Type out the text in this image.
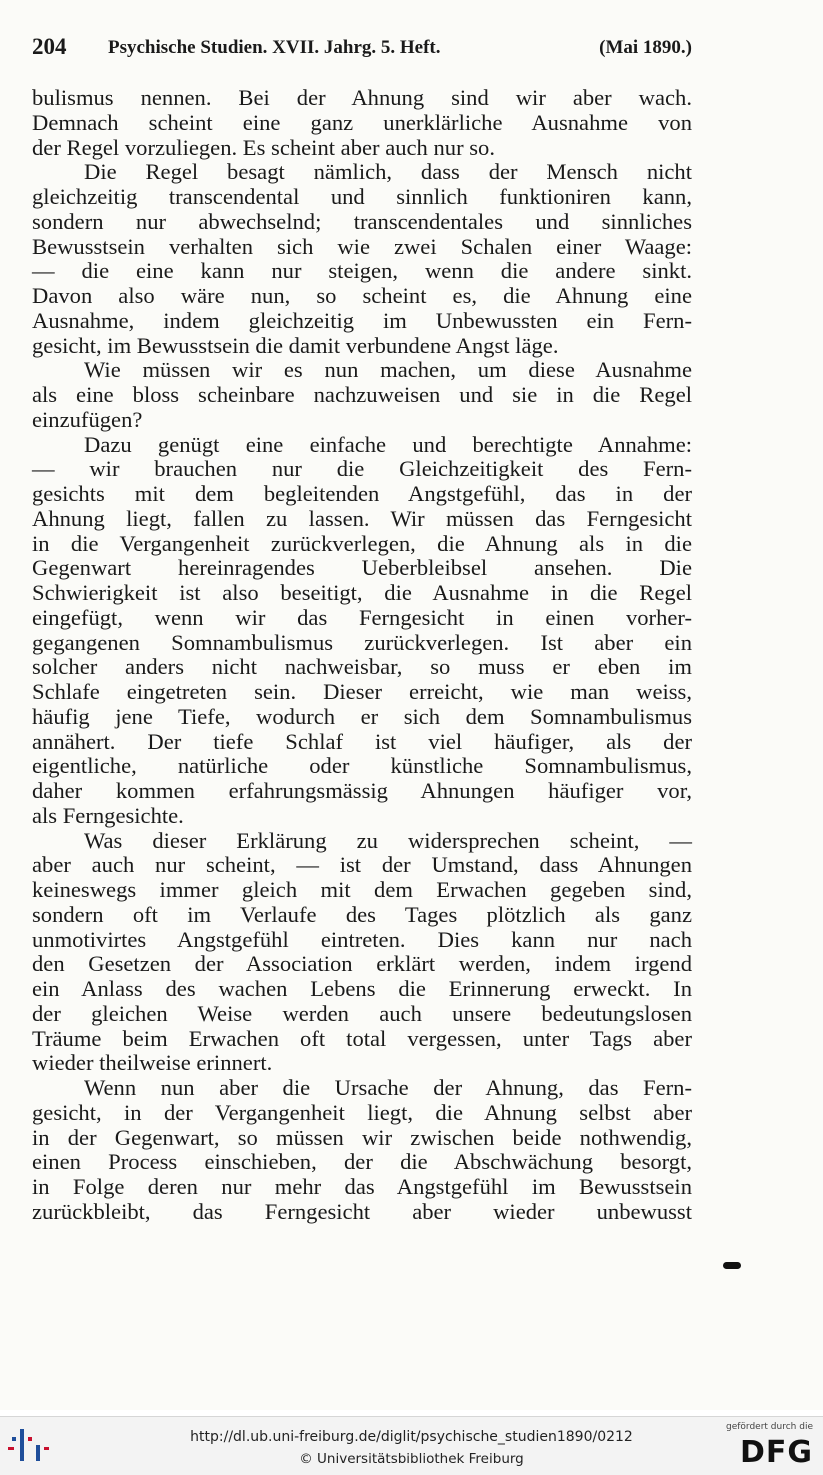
204 Psychische Studien. XVII. Jahrg. 5. Heft.	(Mai 1890.)
bulismus nennen. Bei der Ahnung sind wir aber wach.
Demnach scheint eine ganz unerklärliche Ausnahme von
der Regel vorzuliegen. Es scheint aber auch nur so.
Die Regel besagt nämlich, dass der Mensch nicht
gleichzeitig transcendental und sinnlich funktioniren kann,
sondern nur abwechselnd; transcendentales und sinnliches
Bewusstsein verhalten sich wie zwei Schalen einer Waage:
— die eine kann nur steigen, wenn die andere sinkt.
Davon also wäre nun, so scheint es, die Ahnung eine
Ausnahme, indem gleichzeitig im Unbewussten ein Fern-
gesicht, im Bewusstsein die damit verbundene Angst läge.
Wie müssen wir es nun machen, um diese Ausnahme
als eine bloss scheinbare nachzuweisen und sie in die Regel
einzufügen?
Dazu genügt eine einfache und berechtigte Annahme:
— wir brauchen nur die Gleichzeitigkeit des Fern-
gesichts mit dem begleitenden Angstgefühl, das in der
Ahnung liegt, fallen zu lassen. Wir müssen das Ferngesicht
in die Vergangenheit zurückverlegen, die Ahnung als in die
Gegenwart hereinragendes Ueberbleibsel ansehen. Die
Schwierigkeit ist also beseitigt, die Ausnahme in die Regel
eingefügt, wenn wir das Ferngesicht in einen vorher-
gegangenen Somnambulismus zurückverlegen. Ist aber ein
solcher anders nicht nachweisbar, so muss er eben im
Schlafe eingetreten sein. Dieser erreicht, wie man weiss,
häufig jene Tiefe, wodurch er sich dem Somnambulismus
annähert. Der tiefe Schlaf ist viel häufiger, als der
eigentliche, natürliche oder künstliche Somnambulismus,
daher kommen erfahrungsmässig Ahnungen häufiger vor,
als Ferngesichte.
Was dieser Erklärung zu widersprechen scheint, —
aber auch nur scheint, — ist der Umstand, dass Ahnungen
keineswegs immer gleich mit dem Erwachen gegeben sind,
sondern oft im Verlaufe des Tages plötzlich als ganz
unmotivirtes Angstgefühl eintreten. Dies kann nur nach
den Gesetzen der Association erklärt werden, indem irgend
ein Anlass des wachen Lebens die Erinnerung erweckt. In
der gleichen Weise werden auch unsere bedeutungslosen
Träume beim Erwachen oft total vergessen, unter Tags aber
wieder theilweise erinnert.
Wenn nun aber die Ursache der Ahnung, das Fern-
gesicht, in der Vergangenheit liegt, die Ahnung selbst aber
in der Gegenwart, so müssen wir zwischen beide nothwendig,
einen Process einschieben, der die Abschwächung besorgt,
in Folge deren nur mehr das Angstgefühl im Bewusstsein
zurückbleibt, das Ferngesicht aber wieder unbewusst
http://dl.ub.uni-freiburg.de/diglit/psychische_studien1890/0212
© Universitätsbibliothek Freiburg
gefördert durch die
DFG
